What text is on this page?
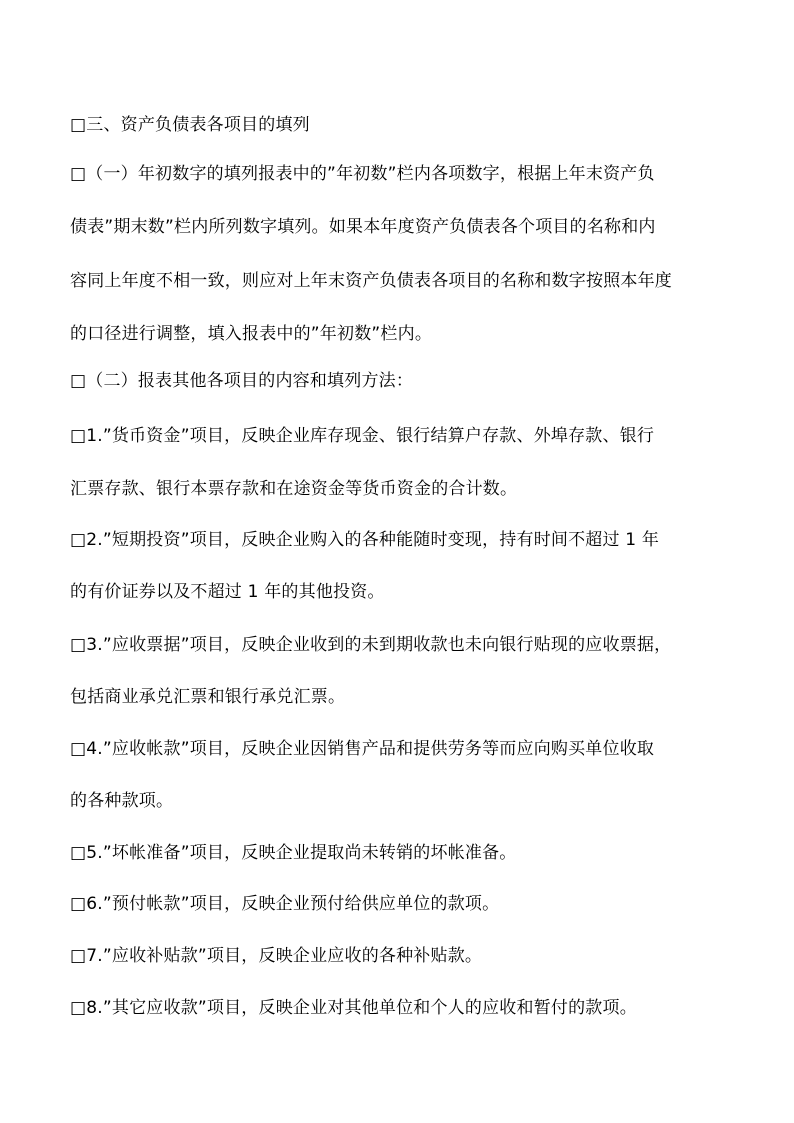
□三、资产负债表各项目的填列
□（一）年初数字的填列报表中的”年初数”栏内各项数字，根据上年末资产负
债表”期末数”栏内所列数字填列。如果本年度资产负债表各个项目的名称和内
容同上年度不相一致，则应对上年末资产负债表各项目的名称和数字按照本年度
的口径进行调整，填入报表中的”年初数”栏内。
□（二）报表其他各项目的内容和填列方法：
□1.”货币资金”项目，反映企业库存现金、银行结算户存款、外埠存款、银行
汇票存款、银行本票存款和在途资金等货币资金的合计数。
□2.”短期投资”项目，反映企业购入的各种能随时变现，持有时间不超过 1 年
的有价证券以及不超过 1 年的其他投资。
□3.”应收票据”项目，反映企业收到的未到期收款也未向银行贴现的应收票据，
包括商业承兑汇票和银行承兑汇票。
□4.”应收帐款”项目，反映企业因销售产品和提供劳务等而应向购买单位收取
的各种款项。
□5.”坏帐准备”项目，反映企业提取尚未转销的坏帐准备。
□6.”预付帐款”项目，反映企业预付给供应单位的款项。
□7.”应收补贴款”项目，反映企业应收的各种补贴款。
□8.”其它应收款”项目，反映企业对其他单位和个人的应收和暂付的款项。
